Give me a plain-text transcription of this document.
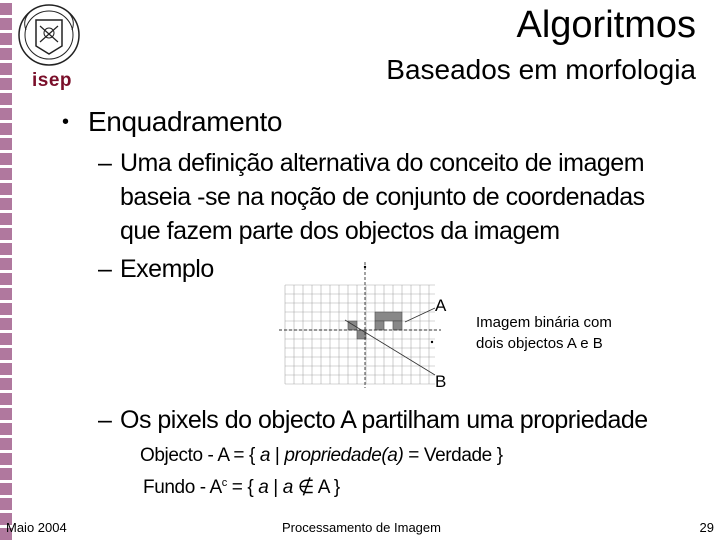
isep
Algoritmos
Baseados em morfologia
• Enquadramento
– Uma definição alternativa do conceito de imagem baseia -se na noção de conjunto de coordenadas que fazem parte dos objectos da imagem
– Exemplo
A
B
Imagem binária com
dois objectos A e B
– Os pixels do objecto A partilham uma propriedade
Objecto - A = { a | propriedade(a) = Verdade }
Fundo - $A^c$ = { a | a ∉ A }
Maio 2004	Processamento de Imagem	29
